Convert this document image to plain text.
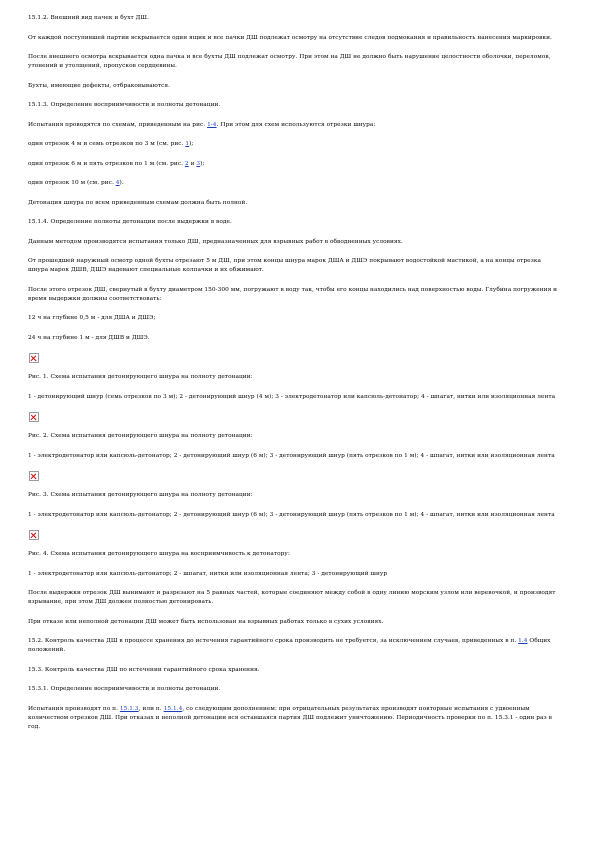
15.1.2. Внешний вид пачек и бухт ДШ.

От каждой поступившей партии вскрывается один ящик и все пачки ДШ подлежат осмотру на отсутствие следов подмокания и правильность нанесения маркировки.

После внешнего осмотра вскрывается одна пачка и все бухты ДШ подлежат осмотру. При этом на ДШ не должно быть нарушение целостности оболочки, переломов, утонений и утолщений, пропусков сердцевины.

Бухты, имеющие дефекты, отбраковываются.

15.1.3. Определение восприимчивости и полноты детонации.

Испытания проводятся по схемам, приведенным на рис. 1-4. При этом для схем используются отрезки шнура:

один отрезок 4 м и семь отрезков по 3 м (см. рис. 1);

один отрезок 6 м и пять отрезков по 1 м (см. рис. 2 и 3);

один отрезок 10 м (см. рис. 4).

Детонация шнура по всем приведенным схемам должна быть полной.

15.1.4. Определение полноты детонации после выдержки в воде.

Данным методом производятся испытания только ДШ, предназначенных для взрывных работ в обводненных условиях.

От прошедшей наружный осмотр одной бухты отрезают 5 м ДШ, при этом концы шнура марок ДША и ДШЭ покрывают водостойкой мастикой, а на концы отрезка шнура марок ДШВ, ДШЭ надевают специальные колпачки и их обжимают.

После этого отрезок ДШ, свернутый в бухту диаметром 150-300 мм, погружают в воду так, чтобы его концы находились над поверхностью воды. Глубина погружения и время выдержки должны соответствовать:

12 ч на глубине 0,5 м - для ДША и ДШЭ;

24 ч на глубине 1 м - для ДШВ и ДШЭ.

Рис. 1. Схема испытания детонирующего шнура на полноту детонации:

1 - детонирующий шнур (семь отрезков по 3 м); 2 - детонирующий шнур (4 м); 3 - электродетонатор или капсюль-детонатор; 4 - шпагат, нитки или изоляционная лента

Рис. 2. Схема испытания детонирующего шнура на полноту детонации:

1 - электродетонатор или капсюль-детонатор; 2 - детонирующий шнур (6 м); 3 - детонирующий шнур (пять отрезков по 1 м); 4 - шпагат, нитки или изоляционная лента

Рис. 3. Схема испытания детонирующего шнура на полноту детонации:

1 - электродетонатор или капсюль-детонатор; 2 - детонирующий шнур (6 м); 3 - детонирующий шнур (пять отрезков по 1 м); 4 - шпагат, нитки или изоляционная лента

Рис. 4. Схема испытания детонирующего шнура на восприимчивость к детонатору:

1 - электродетонатор или капсюль-детонатор; 2 - шпагат, нитки или изоляционная лента; 3 - детонирующий шнур

После выдержки отрезок ДШ вынимают и разрезают на 5 равных частей, которые соединяют между собой в одну линию морским узлом или веревочкой, и производят взрывание, при этом ДШ должен полностью детонировать.

При отказе или неполной детонации ДШ может быть использован на взрывных работах только в сухих условиях.

15.2. Контроль качества ДШ в процессе хранения до истечения гарантийного срока производить не требуется, за исключением случаев, приведенных в п. 1.4 Общих положений.

15.3. Контроль качества ДШ по истечении гарантийного срока хранения.

15.3.1. Определение восприимчивости и полноты детонации.

Испытания производят по п. 15.1.3, или п. 15.1.4, со следующим дополнением: при отрицательных результатах производят повторные испытания с удвоенным количеством отрезков ДШ. При отказах и неполной детонации вся оставшаяся партия ДШ подлежит уничтожению. Периодичность проверки по п. 15.3.1 - один раз в год.
